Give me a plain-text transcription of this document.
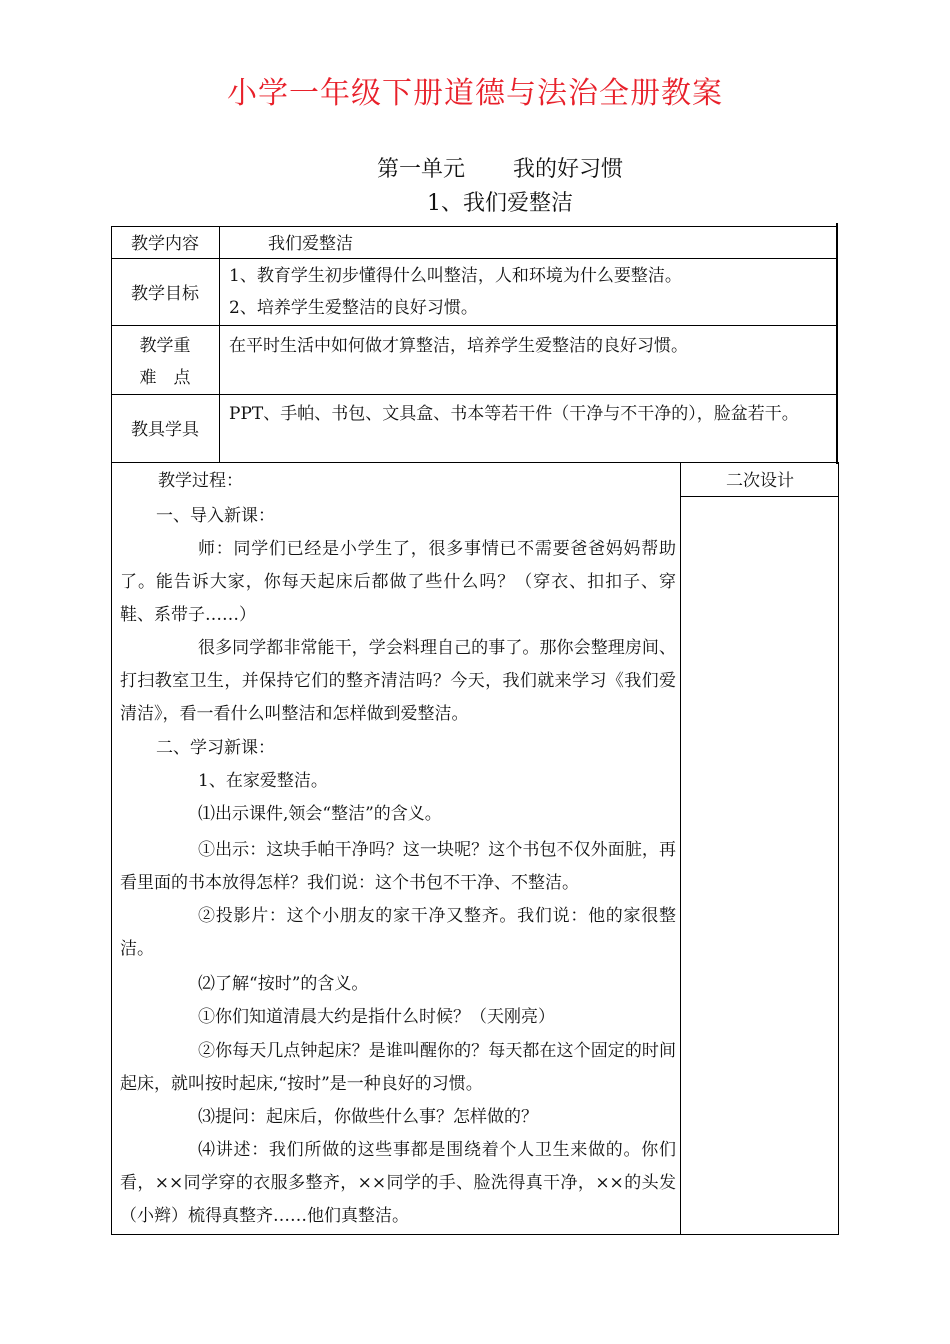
小学一年级下册道德与法治全册教案
第一单元 我的好习惯
1、我们爱整洁
教学内容	我们爱整洁
教学目标
1、教育学生初步懂得什么叫整洁，人和环境为什么要整洁。
2、培养学生爱整洁的良好习惯。
教学重
难　点
在平时生活中如何做才算整洁，培养学生爱整洁的良好习惯。
教具学具
PPT、手帕、书包、文具盒、书本等若干件（干净与不干净的），脸盆若干。
教学过程：	二次设计

一、导入新课：

师：同学们已经是小学生了，很多事情已不需要爸爸妈妈帮助了。能告诉大家，你每天起床后都做了些什么吗？（穿衣、扣扣子、穿鞋、系带子……）

很多同学都非常能干，学会料理自己的事了。那你会整理房间、打扫教室卫生，并保持它们的整齐清洁吗？今天，我们就来学习《我们爱清洁》，看一看什么叫整洁和怎样做到爱整洁。

二、学习新课：

1、在家爱整洁。

⑴出示课件,领会“整洁”的含义。

①出示：这块手帕干净吗？这一块呢？这个书包不仅外面脏，再看里面的书本放得怎样？我们说：这个书包不干净、不整洁。

②投影片：这个小朋友的家干净又整齐。我们说：他的家很整洁。

⑵了解“按时”的含义。

①你们知道清晨大约是指什么时候？（天刚亮）

②你每天几点钟起床？是谁叫醒你的？每天都在这个固定的时间起床，就叫按时起床,“按时”是一种良好的习惯。

⑶提问：起床后，你做些什么事？怎样做的？

⑷讲述：我们所做的这些事都是围绕着个人卫生来做的。你们看，××同学穿的衣服多整齐，××同学的手、脸洗得真干净，××的头发（小辫）梳得真整齐……他们真整洁。
